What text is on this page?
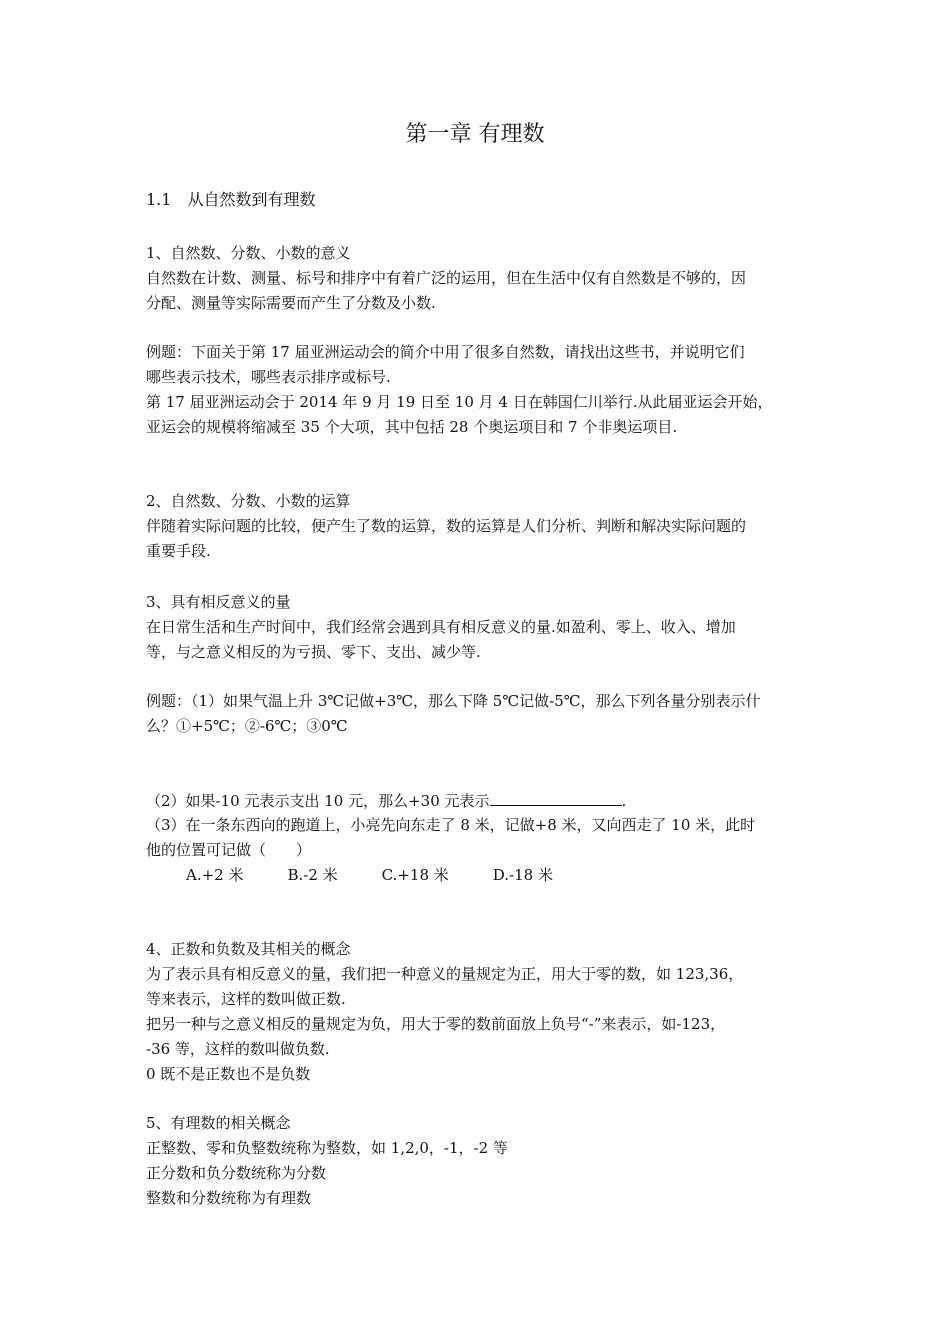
第一章 有理数
1.1　从自然数到有理数
1、自然数、分数、小数的意义
自然数在计数、测量、标号和排序中有着广泛的运用，但在生活中仅有自然数是不够的，因
分配、测量等实际需要而产生了分数及小数.
例题：下面关于第 17 届亚洲运动会的简介中用了很多自然数，请找出这些书，并说明它们
哪些表示技术，哪些表示排序或标号.
第 17 届亚洲运动会于 2014 年 9 月 19 日至 10 月 4 日在韩国仁川举行.从此届亚运会开始，
亚运会的规模将缩减至 35 个大项，其中包括 28 个奥运项目和 7 个非奥运项目.
2、自然数、分数、小数的运算
伴随着实际问题的比较，便产生了数的运算，数的运算是人们分析、判断和解决实际问题的
重要手段.
3、具有相反意义的量
在日常生活和生产时间中，我们经常会遇到具有相反意义的量.如盈利、零上、收入、增加
等，与之意义相反的为亏损、零下、支出、减少等.
例题：（1）如果气温上升 3℃记做+3℃，那么下降 5℃记做-5℃，那么下列各量分别表示什
么？①+5℃；②-6℃；③0℃
（2）如果-10 元表示支出 10 元，那么+30 元表示	.
（3）在一条东西向的跑道上，小亮先向东走了 8 米，记做+8 米，又向西走了 10 米，此时
他的位置可记做（　　）
A.+2 米	B.-2 米	C.+18 米	D.-18 米
4、正数和负数及其相关的概念
为了表示具有相反意义的量，我们把一种意义的量规定为正，用大于零的数，如 123,36，
等来表示，这样的数叫做正数.
把另一种与之意义相反的量规定为负，用大于零的数前面放上负号“-”来表示，如-123，
-36 等，这样的数叫做负数.
0 既不是正数也不是负数
5、有理数的相关概念
正整数、零和负整数统称为整数，如 1,2,0，-1，-2 等
正分数和负分数统称为分数
整数和分数统称为有理数
